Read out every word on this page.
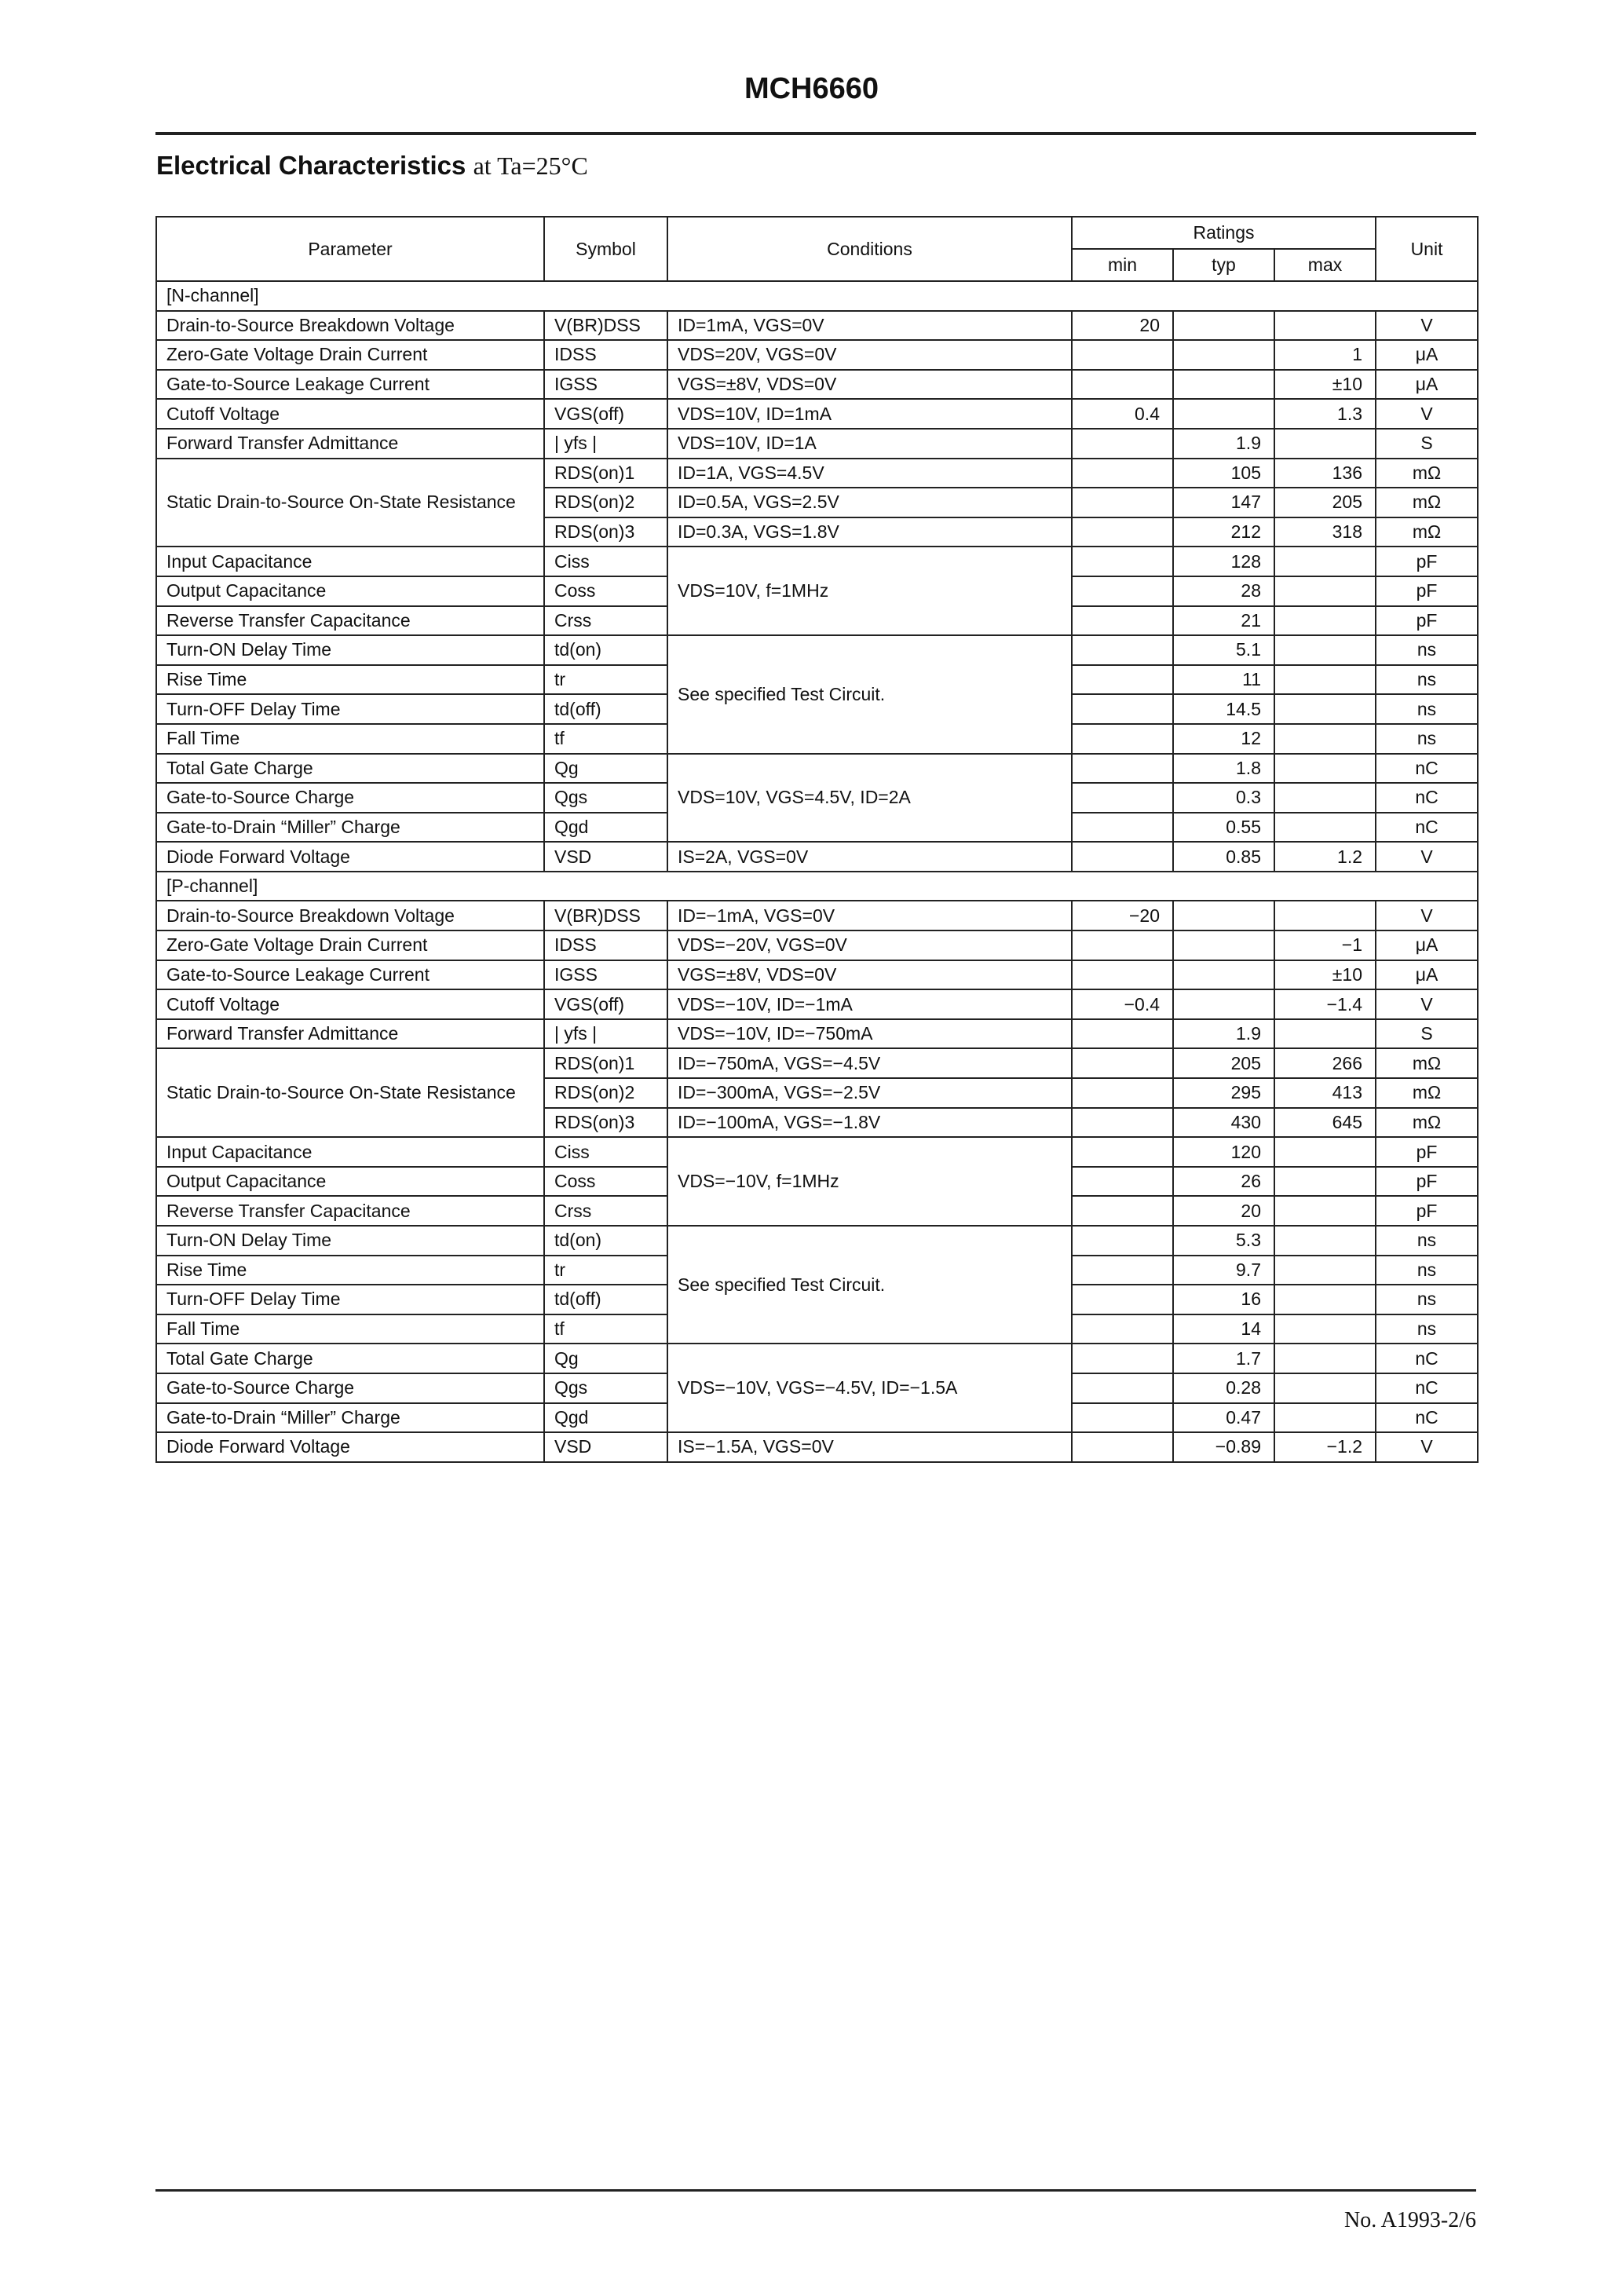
MCH6660
Electrical Characteristics at Ta=25°C
Parameter	Symbol	Conditions	Ratings			Unit
			min	typ	max	
[N-channel]						
Drain-to-Source Breakdown Voltage	V(BR)DSS	ID=1mA, VGS=0V	20			V
Zero-Gate Voltage Drain Current	IDSS	VDS=20V, VGS=0V			1	μA
Gate-to-Source Leakage Current	IGSS	VGS=±8V, VDS=0V			±10	μA
Cutoff Voltage	VGS(off)	VDS=10V, ID=1mA	0.4		1.3	V
Forward Transfer Admittance	| yfs |	VDS=10V, ID=1A		1.9		S
Static Drain-to-Source On-State Resistance	RDS(on)1	ID=1A, VGS=4.5V		105	136	mΩ
	RDS(on)2	ID=0.5A, VGS=2.5V		147	205	mΩ
	RDS(on)3	ID=0.3A, VGS=1.8V		212	318	mΩ
Input Capacitance	Ciss	VDS=10V, f=1MHz		128		pF
Output Capacitance	Coss			28		pF
Reverse Transfer Capacitance	Crss			21		pF
Turn-ON Delay Time	td(on)	See specified Test Circuit.		5.1		ns
Rise Time	tr			11		ns
Turn-OFF Delay Time	td(off)			14.5		ns
Fall Time	tf			12		ns
Total Gate Charge	Qg	VDS=10V, VGS=4.5V, ID=2A		1.8		nC
Gate-to-Source Charge	Qgs			0.3		nC
Gate-to-Drain “Miller” Charge	Qgd			0.55		nC
Diode Forward Voltage	VSD	IS=2A, VGS=0V		0.85	1.2	V
[P-channel]						
Drain-to-Source Breakdown Voltage	V(BR)DSS	ID=−1mA, VGS=0V	−20			V
Zero-Gate Voltage Drain Current	IDSS	VDS=−20V, VGS=0V			−1	μA
Gate-to-Source Leakage Current	IGSS	VGS=±8V, VDS=0V			±10	μA
Cutoff Voltage	VGS(off)	VDS=−10V, ID=−1mA	−0.4		−1.4	V
Forward Transfer Admittance	| yfs |	VDS=−10V, ID=−750mA		1.9		S
Static Drain-to-Source On-State Resistance	RDS(on)1	ID=−750mA, VGS=−4.5V		205	266	mΩ
	RDS(on)2	ID=−300mA, VGS=−2.5V		295	413	mΩ
	RDS(on)3	ID=−100mA, VGS=−1.8V		430	645	mΩ
Input Capacitance	Ciss	VDS=−10V, f=1MHz		120		pF
Output Capacitance	Coss			26		pF
Reverse Transfer Capacitance	Crss			20		pF
Turn-ON Delay Time	td(on)	See specified Test Circuit.		5.3		ns
Rise Time	tr			9.7		ns
Turn-OFF Delay Time	td(off)			16		ns
Fall Time	tf			14		ns
Total Gate Charge	Qg	VDS=−10V, VGS=−4.5V, ID=−1.5A		1.7		nC
Gate-to-Source Charge	Qgs			0.28		nC
Gate-to-Drain “Miller” Charge	Qgd			0.47		nC
Diode Forward Voltage	VSD	IS=−1.5A, VGS=0V		−0.89	−1.2	V
No. A1993-2/6
